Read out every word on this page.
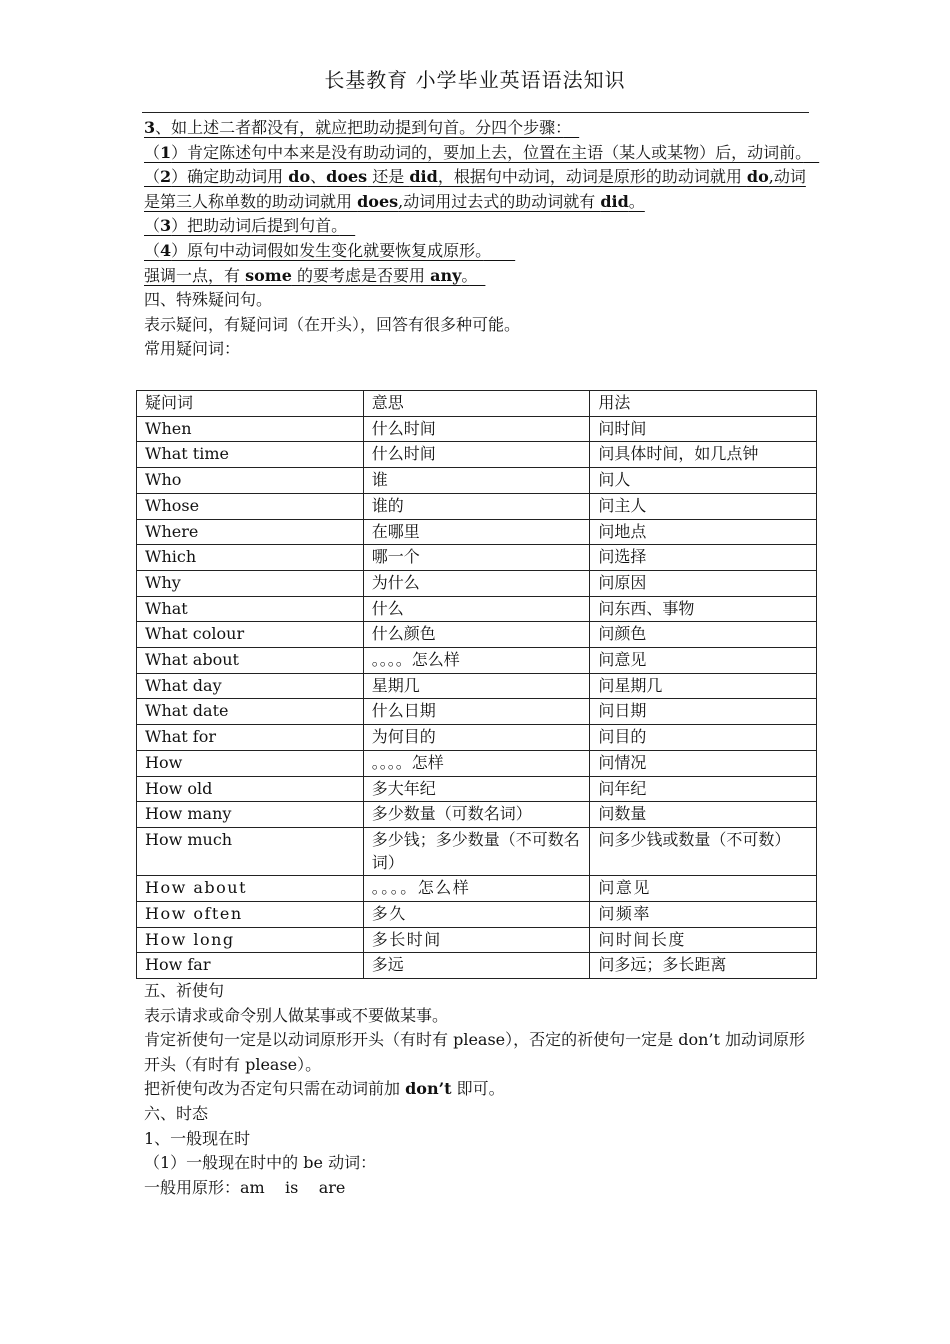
长基教育 小学毕业英语语法知识

3、如上述二者都没有，就应把助动提到句首。分四个步骤：　

（1）肯定陈述句中本来是没有助动词的，要加上去，位置在主语（某人或某物）后，动词前。　

（2）确定助动词用 do、does 还是 did，根据句中动词，动词是原形的助动词就用 do,动词是第三人称单数的助动词就用 does,动词用过去式的助动词就有 did。

（3）把助动词后提到句首。　

（4）原句中动词假如发生变化就要恢复成原形。　　

强调一点，有 some 的要考虑是否要用 any。　

四、特殊疑问句。

表示疑问，有疑问词（在开头），回答有很多种可能。

常用疑问词：

疑问词	意思	用法
When	什么时间	问时间
What time	什么时间	问具体时间，如几点钟
Who	谁	问人
Whose	谁的	问主人
Where	在哪里	问地点
Which	哪一个	问选择
Why	为什么	问原因
What	什么	问东西、事物
What colour	什么颜色	问颜色
What about	。。。。怎么样	问意见
What day	星期几	问星期几
What date	什么日期	问日期
What for	为何目的	问目的
How	。。。。怎样	问情况
How old	多大年纪	问年纪
How many	多少数量（可数名词）	问数量
How much	多少钱；多少数量（不可数名词）	问多少钱或数量（不可数）
How about	。。。。怎么样	问意见
How often	多久	问频率
How long	多长时间	问时间长度
How far	多远	问多远；多长距离

五、祈使句

表示请求或命令别人做某事或不要做某事。

肯定祈使句一定是以动词原形开头（有时有 please），否定的祈使句一定是 don’t 加动词原形开头（有时有 please）。

把祈使句改为否定句只需在动词前加 don’t 即可。

六、时态

1、一般现在时

（1）一般现在时中的 be 动词：

一般用原形：am    is    are
